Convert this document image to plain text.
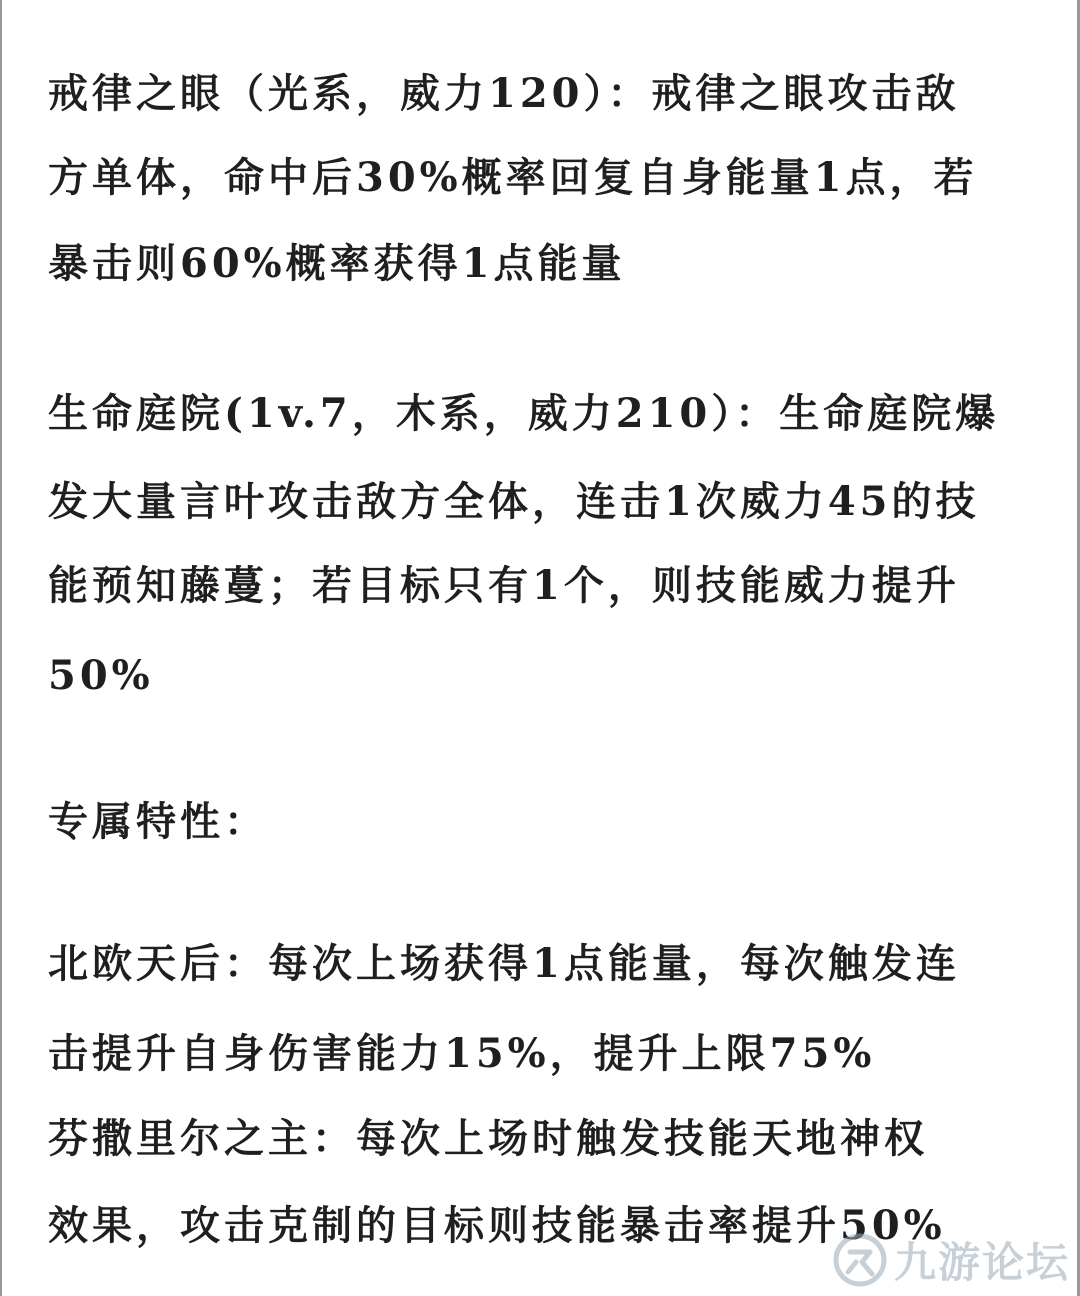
戒律之眼（光系，威力120）：戒律之眼攻击敌

方单体，命中后30%概率回复自身能量1点，若

暴击则60%概率获得1点能量

生命庭院(1v.7，木系，威力210）：生命庭院爆

发大量言叶攻击敌方全体，连击1次威力45的技

能预知藤蔓；若目标只有1个，则技能威力提升

50%

专属特性：

北欧天后：每次上场获得1点能量，每次触发连

击提升自身伤害能力15%，提升上限75%

芬撒里尔之主：每次上场时触发技能天地神权

效果，攻击克制的目标则技能暴击率提升50%

九游论坛
